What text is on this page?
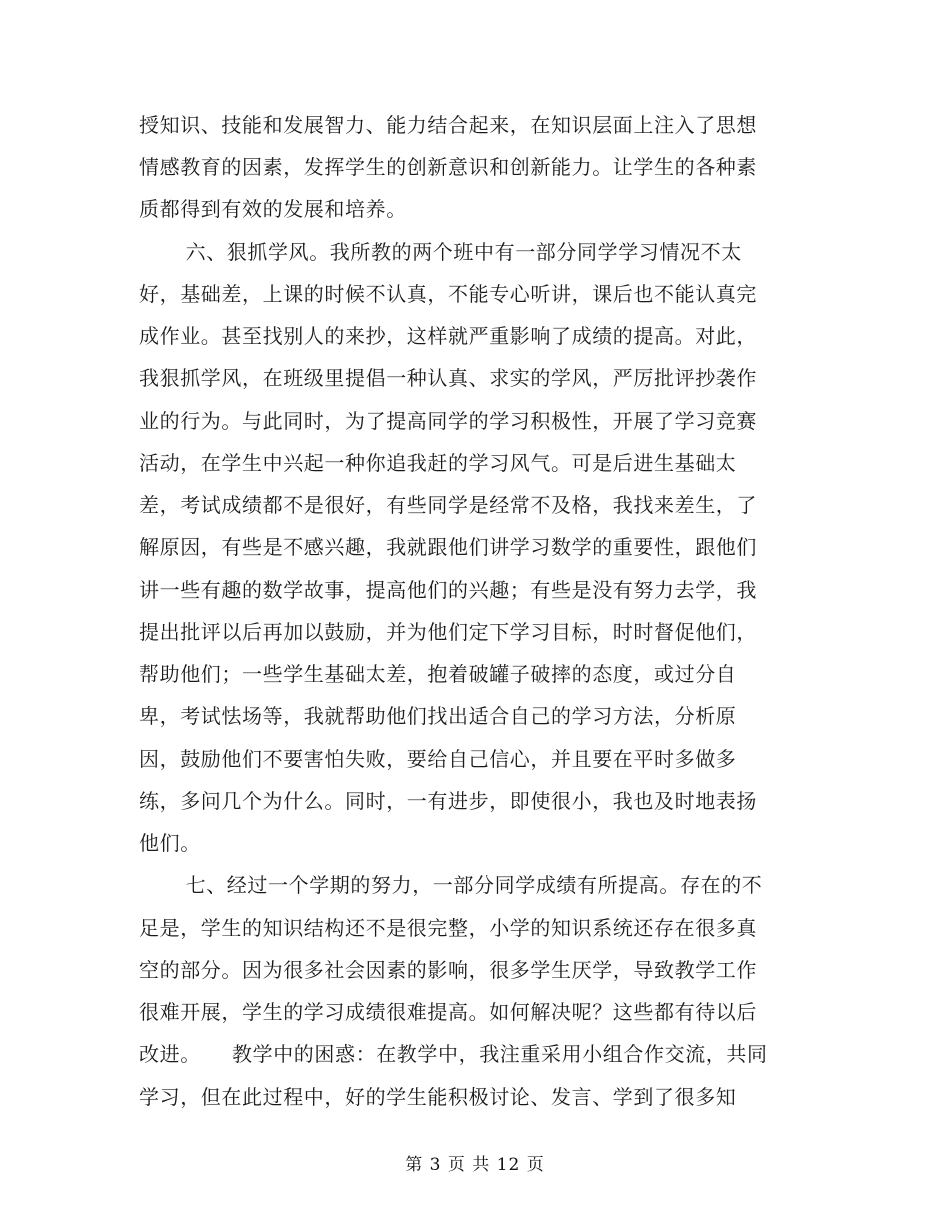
授知识、技能和发展智力、能力结合起来，在知识层面上注入了思想
情感教育的因素，发挥学生的创新意识和创新能力。让学生的各种素
质都得到有效的发展和培养。
　六、狠抓学风。我所教的两个班中有一部分同学学习情况不太
好，基础差，上课的时候不认真，不能专心听讲，课后也不能认真完
成作业。甚至找别人的来抄，这样就严重影响了成绩的提高。对此，
我狠抓学风，在班级里提倡一种认真、求实的学风，严厉批评抄袭作
业的行为。与此同时，为了提高同学的学习积极性，开展了学习竞赛
活动，在学生中兴起一种你追我赶的学习风气。可是后进生基础太
差，考试成绩都不是很好，有些同学是经常不及格，我找来差生，了
解原因，有些是不感兴趣，我就跟他们讲学习数学的重要性，跟他们
讲一些有趣的数学故事，提高他们的兴趣；有些是没有努力去学，我
提出批评以后再加以鼓励，并为他们定下学习目标，时时督促他们，
帮助他们；一些学生基础太差，抱着破罐子破摔的态度，或过分自
卑，考试怯场等，我就帮助他们找出适合自己的学习方法，分析原
因，鼓励他们不要害怕失败，要给自己信心，并且要在平时多做多
练，多问几个为什么。同时，一有进步，即使很小，我也及时地表扬
他们。
　七、经过一个学期的努力，一部分同学成绩有所提高。存在的不
足是，学生的知识结构还不是很完整，小学的知识系统还存在很多真
空的部分。因为很多社会因素的影响，很多学生厌学，导致教学工作
很难开展，学生的学习成绩很难提高。如何解决呢？这些都有待以后
改进。　　教学中的困惑：在教学中，我注重采用小组合作交流，共同
学习，但在此过程中，好的学生能积极讨论、发言、学到了很多知
第 3 页 共 12 页
